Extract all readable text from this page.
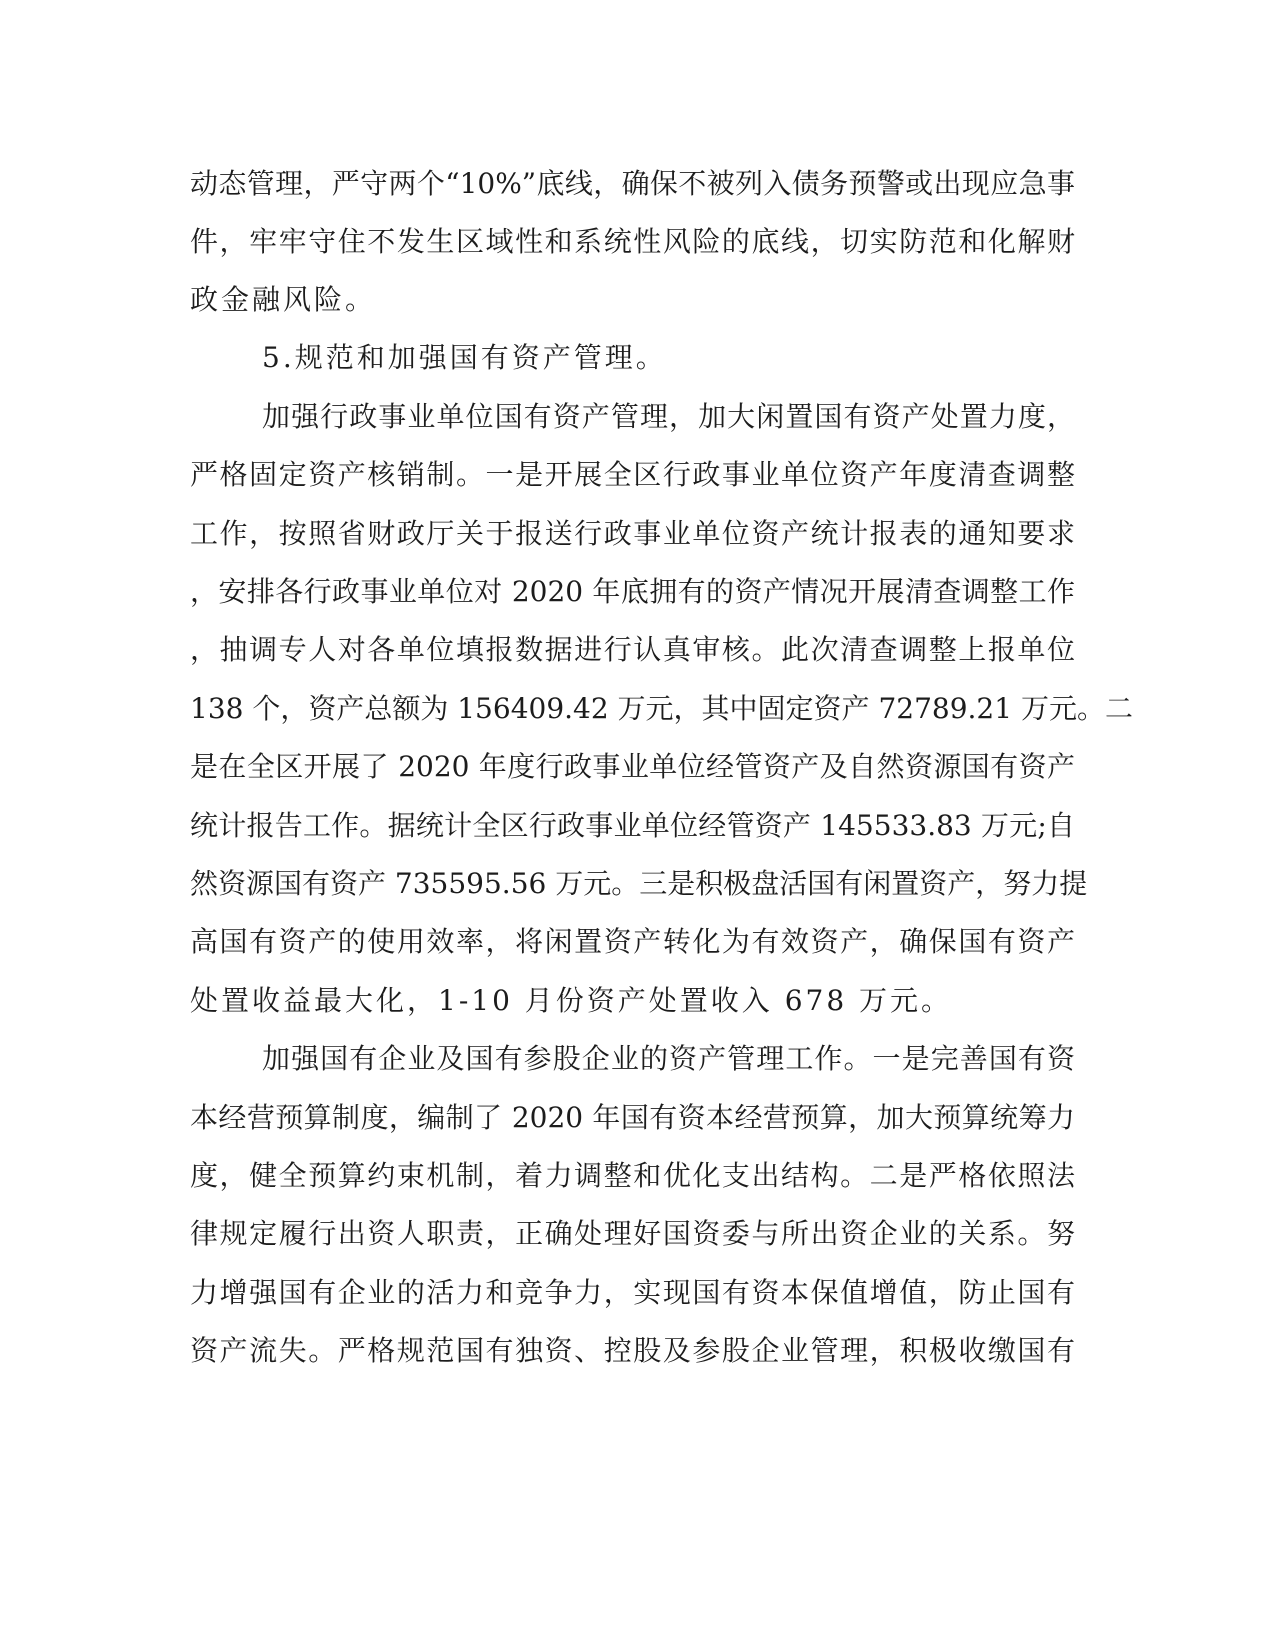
动态管理，严守两个“10%”底线，确保不被列入债务预警或出现应急事
件，牢牢守住不发生区域性和系统性风险的底线，切实防范和化解财
政金融风险。
5.规范和加强国有资产管理。
加强行政事业单位国有资产管理，加大闲置国有资产处置力度，
严格固定资产核销制。一是开展全区行政事业单位资产年度清查调整
工作，按照省财政厅关于报送行政事业单位资产统计报表的通知要求
，安排各行政事业单位对 2020 年底拥有的资产情况开展清查调整工作
，抽调专人对各单位填报数据进行认真审核。此次清查调整上报单位
138 个，资产总额为 156409.42 万元，其中固定资产 72789.21 万元。二
是在全区开展了 2020 年度行政事业单位经管资产及自然资源国有资产
统计报告工作。据统计全区行政事业单位经管资产 145533.83 万元;自
然资源国有资产 735595.56 万元。三是积极盘活国有闲置资产，努力提
高国有资产的使用效率，将闲置资产转化为有效资产，确保国有资产
处置收益最大化，1-10 月份资产处置收入 678 万元。
加强国有企业及国有参股企业的资产管理工作。一是完善国有资
本经营预算制度，编制了 2020 年国有资本经营预算，加大预算统筹力
度，健全预算约束机制，着力调整和优化支出结构。二是严格依照法
律规定履行出资人职责，正确处理好国资委与所出资企业的关系。努
力增强国有企业的活力和竞争力，实现国有资本保值增值，防止国有
资产流失。严格规范国有独资、控股及参股企业管理，积极收缴国有
